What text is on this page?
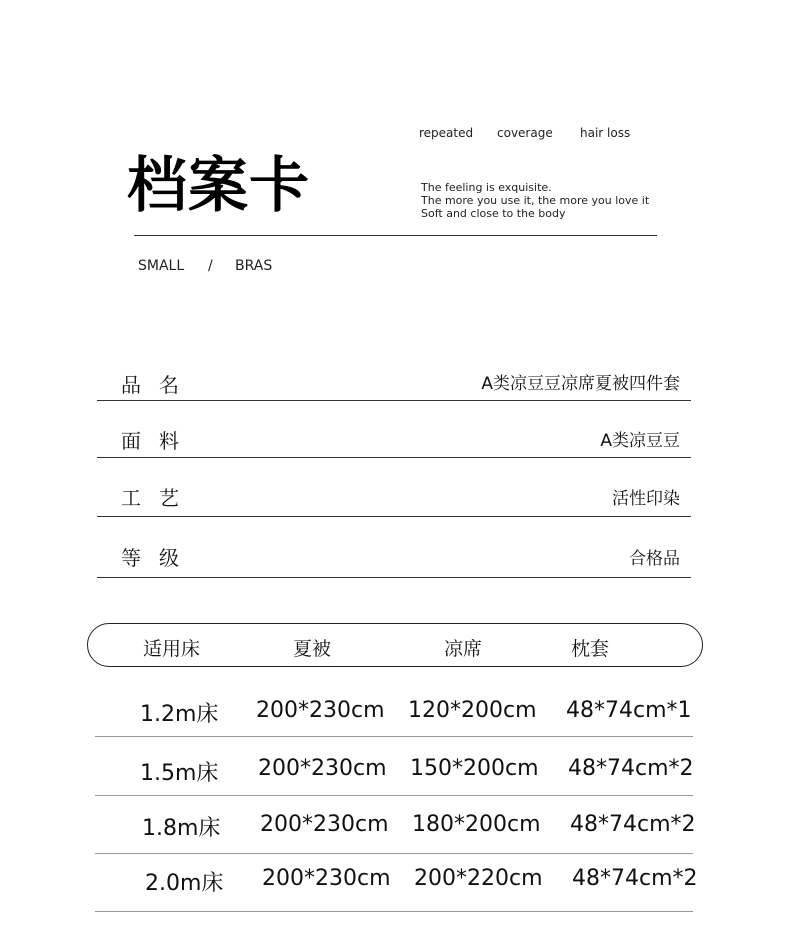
repeated coverage hair loss
档案卡	The feeling is exquisite.
The more you use it, the more you love it
Soft and close to the body
SMALL / BRAS
品名	A类凉豆豆凉席夏被四件套
面料	A类凉豆豆
工艺	活性印染
等级	合格品
适用床	夏被	凉席	枕套
1.2m床 200*230cm 120*200cm 48*74cm*1
1.5m床 200*230cm 150*200cm 48*74cm*2
1.8m床 200*230cm 180*200cm 48*74cm*2
2.0m床 200*230cm 200*220cm 48*74cm*2
